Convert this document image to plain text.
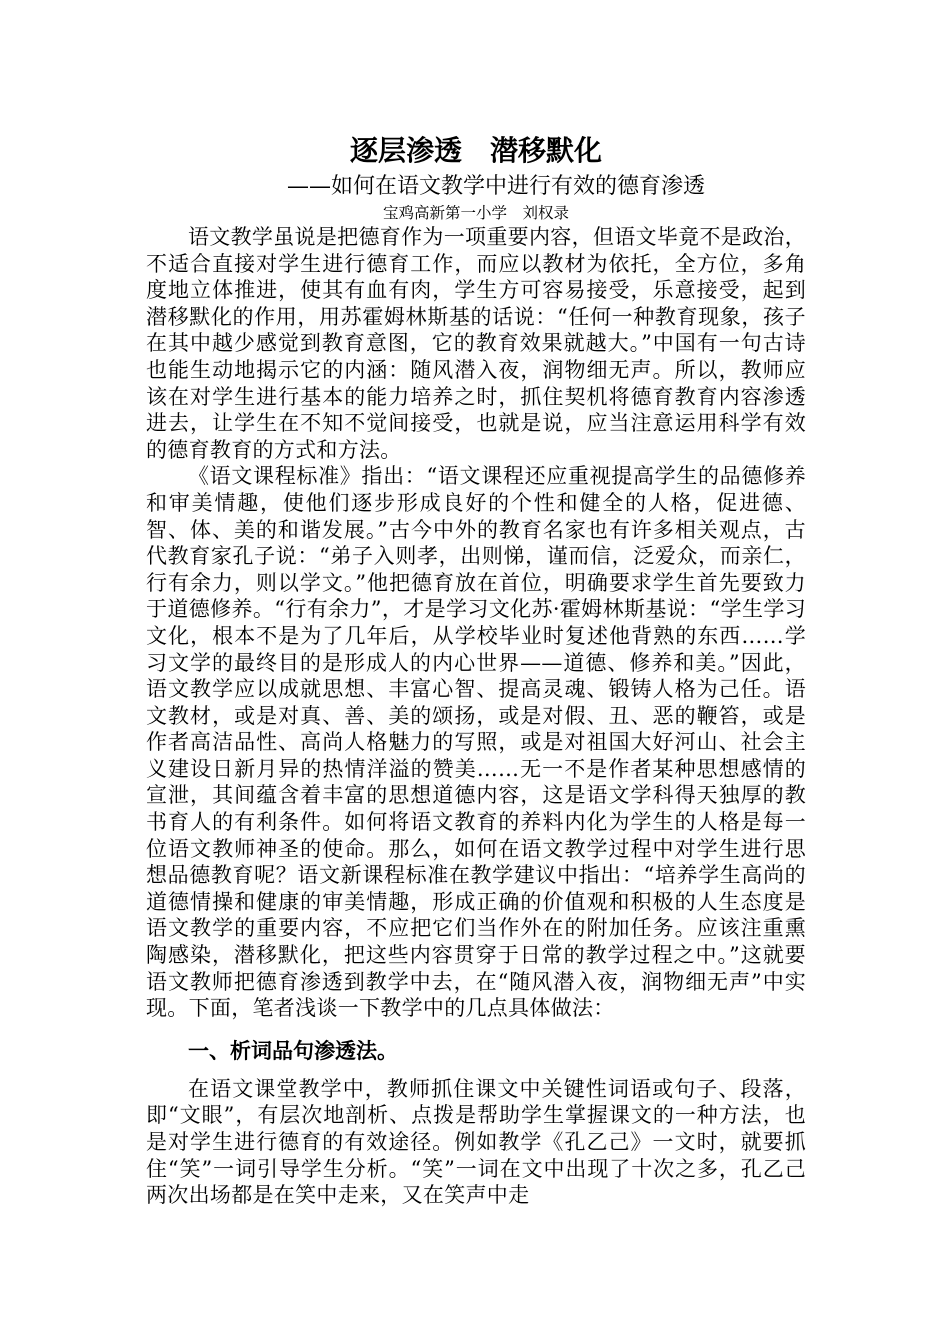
逐层渗透　潜移默化

——如何在语文教学中进行有效的德育渗透

宝鸡高新第一小学　刘权录

语文教学虽说是把德育作为一项重要内容，但语文毕竟不是政治，不适合直接对学生进行德育工作，而应以教材为依托，全方位，多角度地立体推进，使其有血有肉，学生方可容易接受，乐意接受，起到潜移默化的作用，用苏霍姆林斯基的话说：“任何一种教育现象，孩子在其中越少感觉到教育意图，它的教育效果就越大。”中国有一句古诗也能生动地揭示它的内涵：随风潜入夜，润物细无声。所以，教师应该在对学生进行基本的能力培养之时，抓住契机将德育教育内容渗透进去，让学生在不知不觉间接受，也就是说，应当注意运用科学有效的德育教育的方式和方法。

《语文课程标准》指出：“语文课程还应重视提高学生的品德修养和审美情趣，使他们逐步形成良好的个性和健全的人格，促进德、智、体、美的和谐发展。”古今中外的教育名家也有许多相关观点，古代教育家孔子说：“弟子入则孝，出则悌，谨而信，泛爱众，而亲仁，行有余力，则以学文。”他把德育放在首位，明确要求学生首先要致力于道德修养。“行有余力”，才是学习文化苏·霍姆林斯基说：“学生学习文化，根本不是为了几年后，从学校毕业时复述他背熟的东西……学习文学的最终目的是形成人的内心世界——道德、修养和美。”因此，语文教学应以成就思想、丰富心智、提高灵魂、锻铸人格为己任。语文教材，或是对真、善、美的颂扬，或是对假、丑、恶的鞭笞，或是作者高洁品性、高尚人格魅力的写照，或是对祖国大好河山、社会主义建设日新月异的热情洋溢的赞美……无一不是作者某种思想感情的宣泄，其间蕴含着丰富的思想道德内容，这是语文学科得天独厚的教书育人的有利条件。如何将语文教育的养料内化为学生的人格是每一位语文教师神圣的使命。那么，如何在语文教学过程中对学生进行思想品德教育呢？语文新课程标准在教学建议中指出：“培养学生高尚的道德情操和健康的审美情趣，形成正确的价值观和积极的人生态度是语文教学的重要内容，不应把它们当作外在的附加任务。应该注重熏陶感染，潜移默化，把这些内容贯穿于日常的教学过程之中。”这就要语文教师把德育渗透到教学中去，在“随风潜入夜，润物细无声”中实现。下面，笔者浅谈一下教学中的几点具体做法：

一、析词品句渗透法。

在语文课堂教学中，教师抓住课文中关键性词语或句子、段落，即“文眼”，有层次地剖析、点拨是帮助学生掌握课文的一种方法，也是对学生进行德育的有效途径。例如教学《孔乙己》一文时，就要抓住“笑”一词引导学生分析。“笑”一词在文中出现了十次之多，孔乙己两次出场都是在笑中走来，又在笑声中走
